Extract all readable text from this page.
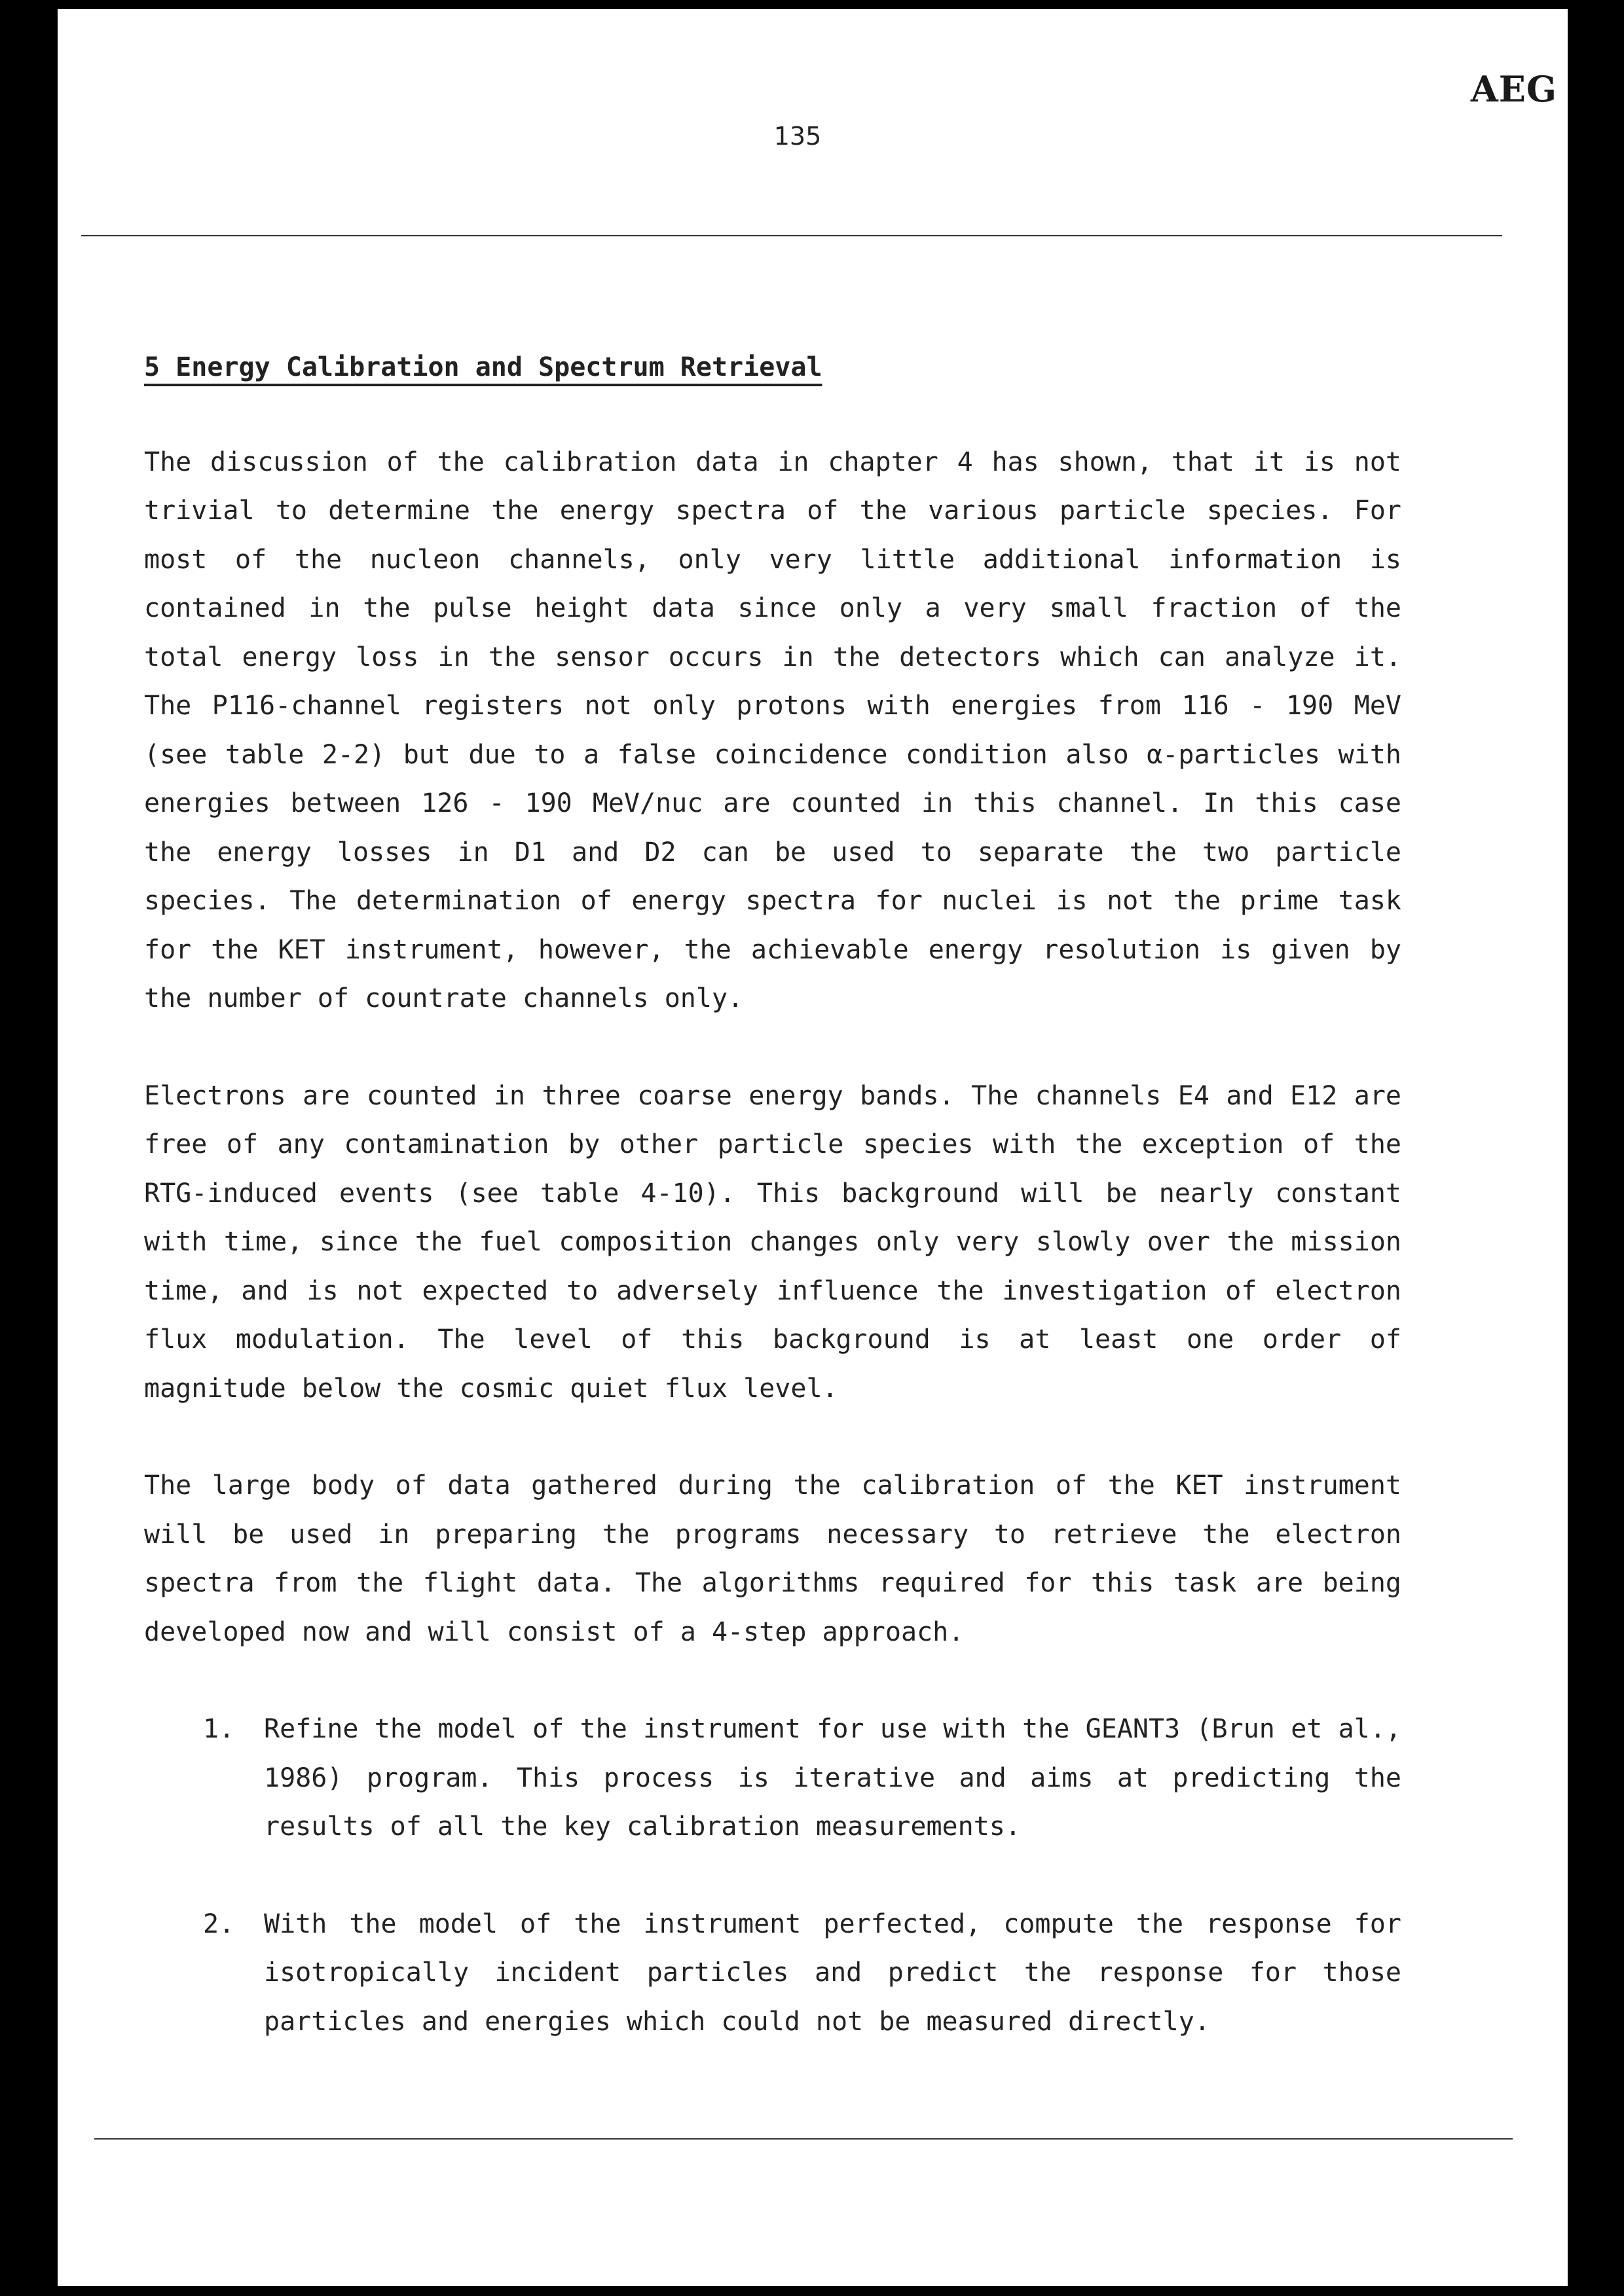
AEG
135
5 Energy Calibration and Spectrum Retrieval

The discussion of the calibration data in chapter 4 has shown, that it is not trivial to determine the energy spectra of the various particle species. For most of the nucleon channels, only very little additional information is contained in the pulse height data since only a very small fraction of the total energy loss in the sensor occurs in the detectors which can analyze it. The P116-channel registers not only protons with energies from 116 - 190 MeV (see table 2-2) but due to a false coincidence condition also α-particles with energies between 126 - 190 MeV/nuc are counted in this channel. In this case the energy losses in D1 and D2 can be used to separate the two particle species. The determination of energy spectra for nuclei is not the prime task for the KET instrument, however, the achievable energy resolution is given by the number of countrate channels only.

Electrons are counted in three coarse energy bands. The channels E4 and E12 are free of any contamination by other particle species with the exception of the RTG-induced events (see table 4-10). This background will be nearly constant with time, since the fuel composition changes only very slowly over the mission time, and is not expected to adversely influence the investigation of electron flux modulation. The level of this background is at least one order of magnitude below the cosmic quiet flux level.

The large body of data gathered during the calibration of the KET instrument will be used in preparing the programs necessary to retrieve the electron spectra from the flight data. The algorithms required for this task are being developed now and will consist of a 4-step approach.

1. Refine the model of the instrument for use with the GEANT3 (Brun et al., 1986) program. This process is iterative and aims at predicting the results of all the key calibration measurements.
2. With the model of the instrument perfected, compute the response for isotropically incident particles and predict the response for those particles and energies which could not be measured directly.
